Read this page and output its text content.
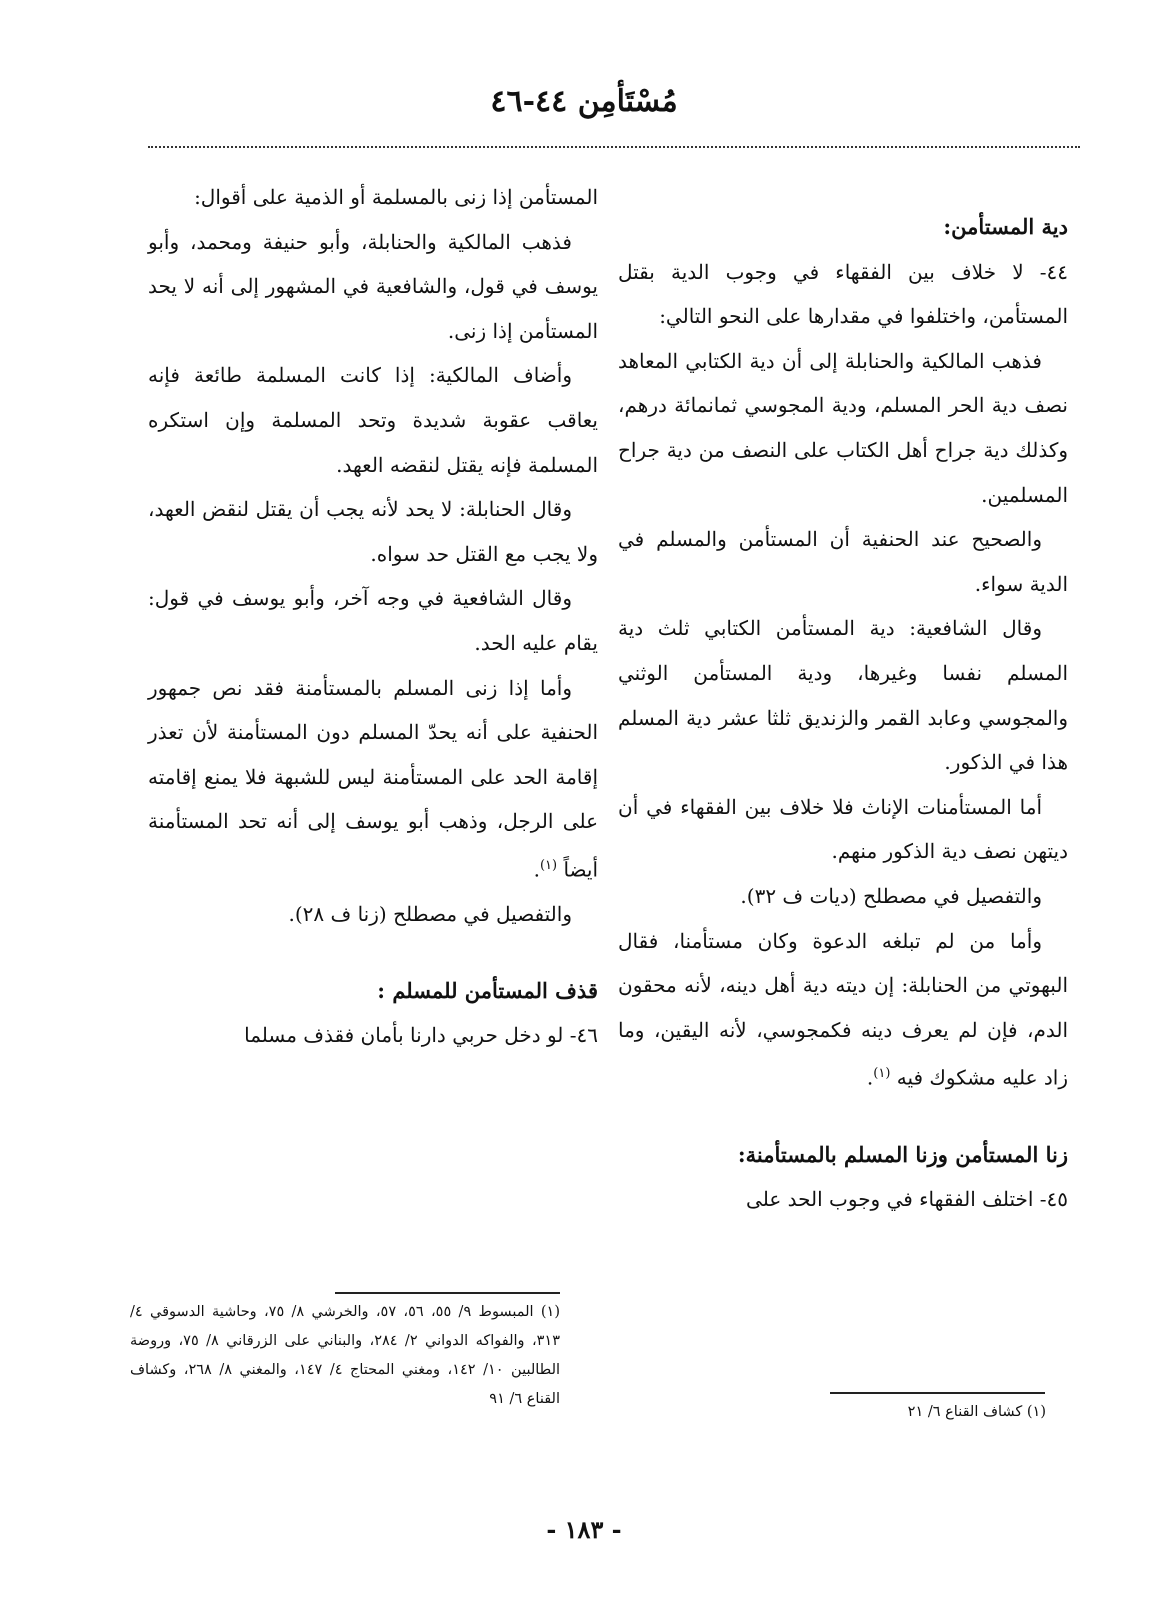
مُسْتَأمِن ٤٤-٤٦

دية المستأمن:

٤٤- لا خلاف بين الفقهاء في وجوب الدية بقتل المستأمن، واختلفوا في مقدارها على النحو التالي:

فذهب المالكية والحنابلة إلى أن دية الكتابي المعاهد نصف دية الحر المسلم، ودية المجوسي ثمانمائة درهم، وكذلك دية جراح أهل الكتاب على النصف من دية جراح المسلمين.

والصحيح عند الحنفية أن المستأمن والمسلم في الدية سواء.

وقال الشافعية: دية المستأمن الكتابي ثلث دية المسلم نفسا وغيرها، ودية المستأمن الوثني والمجوسي وعابد القمر والزنديق ثلثا عشر دية المسلم هذا في الذكور.

أما المستأمنات الإناث فلا خلاف بين الفقهاء في أن ديتهن نصف دية الذكور منهم.

والتفصيل في مصطلح (ديات ف ٣٢).

وأما من لم تبلغه الدعوة وكان مستأمنا، فقال البهوتي من الحنابلة: إن ديته دية أهل دينه، لأنه محقون الدم، فإن لم يعرف دينه فكمجوسي، لأنه اليقين، وما زاد عليه مشكوك فيه $^{(١)}$.

زنا المستأمن وزنا المسلم بالمستأمنة:

٤٥- اختلف الفقهاء في وجوب الحد على

المستأمن إذا زنى بالمسلمة أو الذمية على أقوال:

فذهب المالكية والحنابلة، وأبو حنيفة ومحمد، وأبو يوسف في قول، والشافعية في المشهور إلى أنه لا يحد المستأمن إذا زنى.

وأضاف المالكية: إذا كانت المسلمة طائعة فإنه يعاقب عقوبة شديدة وتحد المسلمة وإن استكره المسلمة فإنه يقتل لنقضه العهد.

وقال الحنابلة: لا يحد لأنه يجب أن يقتل لنقض العهد، ولا يجب مع القتل حد سواه.

وقال الشافعية في وجه آخر، وأبو يوسف في قول: يقام عليه الحد.

وأما إذا زنى المسلم بالمستأمنة فقد نص جمهور الحنفية على أنه يحدّ المسلم دون المستأمنة لأن تعذر إقامة الحد على المستأمنة ليس للشبهة فلا يمنع إقامته على الرجل، وذهب أبو يوسف إلى أنه تحد المستأمنة أيضاً $^{(١)}$.

والتفصيل في مصطلح (زنا ف ٢٨).

قذف المستأمن للمسلم :

٤٦- لو دخل حربي دارنا بأمان فقذف مسلما

(١) المبسوط ٩/ ٥٥، ٥٦، ٥٧، والخرشي ٨/ ٧٥، وحاشية الدسوقي ٤/ ٣١٣، والفواكه الدواني ٢/ ٢٨٤، والبناني على الزرقاني ٨/ ٧٥، وروضة الطالبين ١٠/ ١٤٢، ومغني المحتاج ٤/ ١٤٧، والمغني ٨/ ٢٦٨، وكشاف القناع ٦/ ٩١
(١) كشاف القناع ٦/ ٢١
- ١٨٣ -
